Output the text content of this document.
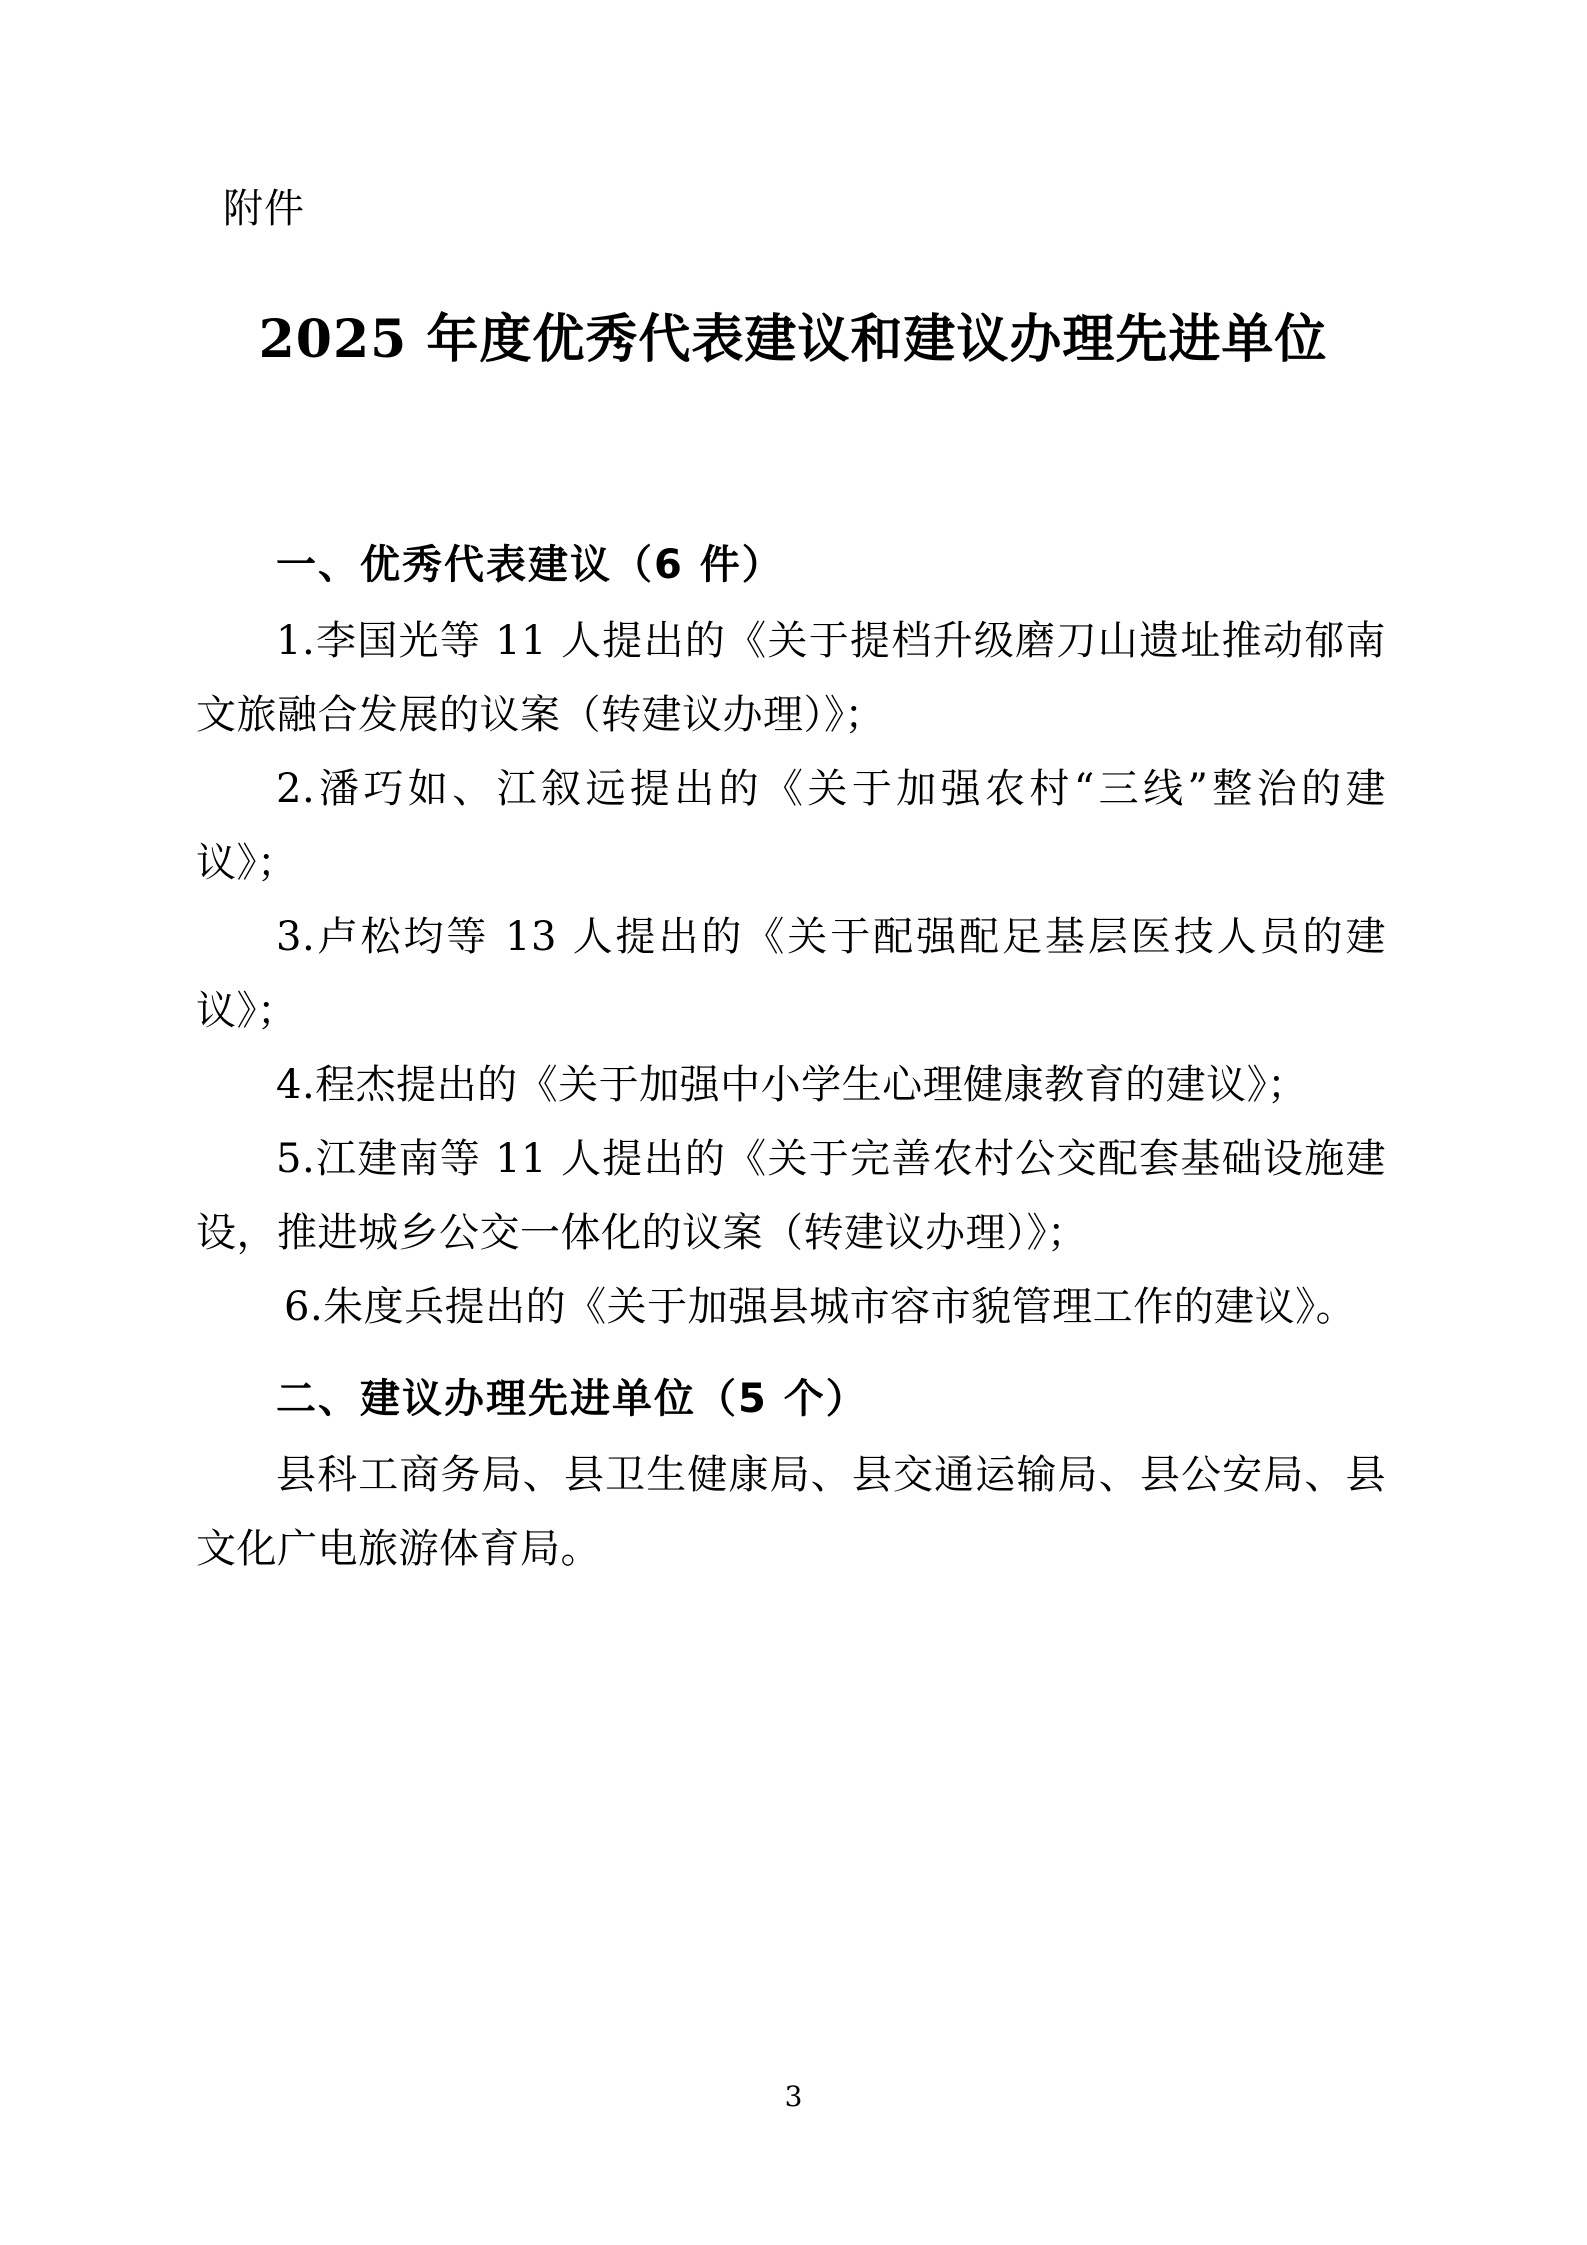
附件
2025 年度优秀代表建议和建议办理先进单位
一、优秀代表建议（6 件）
1.李国光等 11 人提出的《关于提档升级磨刀山遗址推动郁南文旅融合发展的议案（转建议办理）》；
2.潘巧如、江叙远提出的《关于加强农村“三线”整治的建议》；
3.卢松均等 13 人提出的《关于配强配足基层医技人员的建议》；
4.程杰提出的《关于加强中小学生心理健康教育的建议》；
5.江建南等 11 人提出的《关于完善农村公交配套基础设施建设，推进城乡公交一体化的议案（转建议办理）》；
6.朱度兵提出的《关于加强县城市容市貌管理工作的建议》。
二、建议办理先进单位（5 个）
县科工商务局、县卫生健康局、县交通运输局、县公安局、县文化广电旅游体育局。
3
